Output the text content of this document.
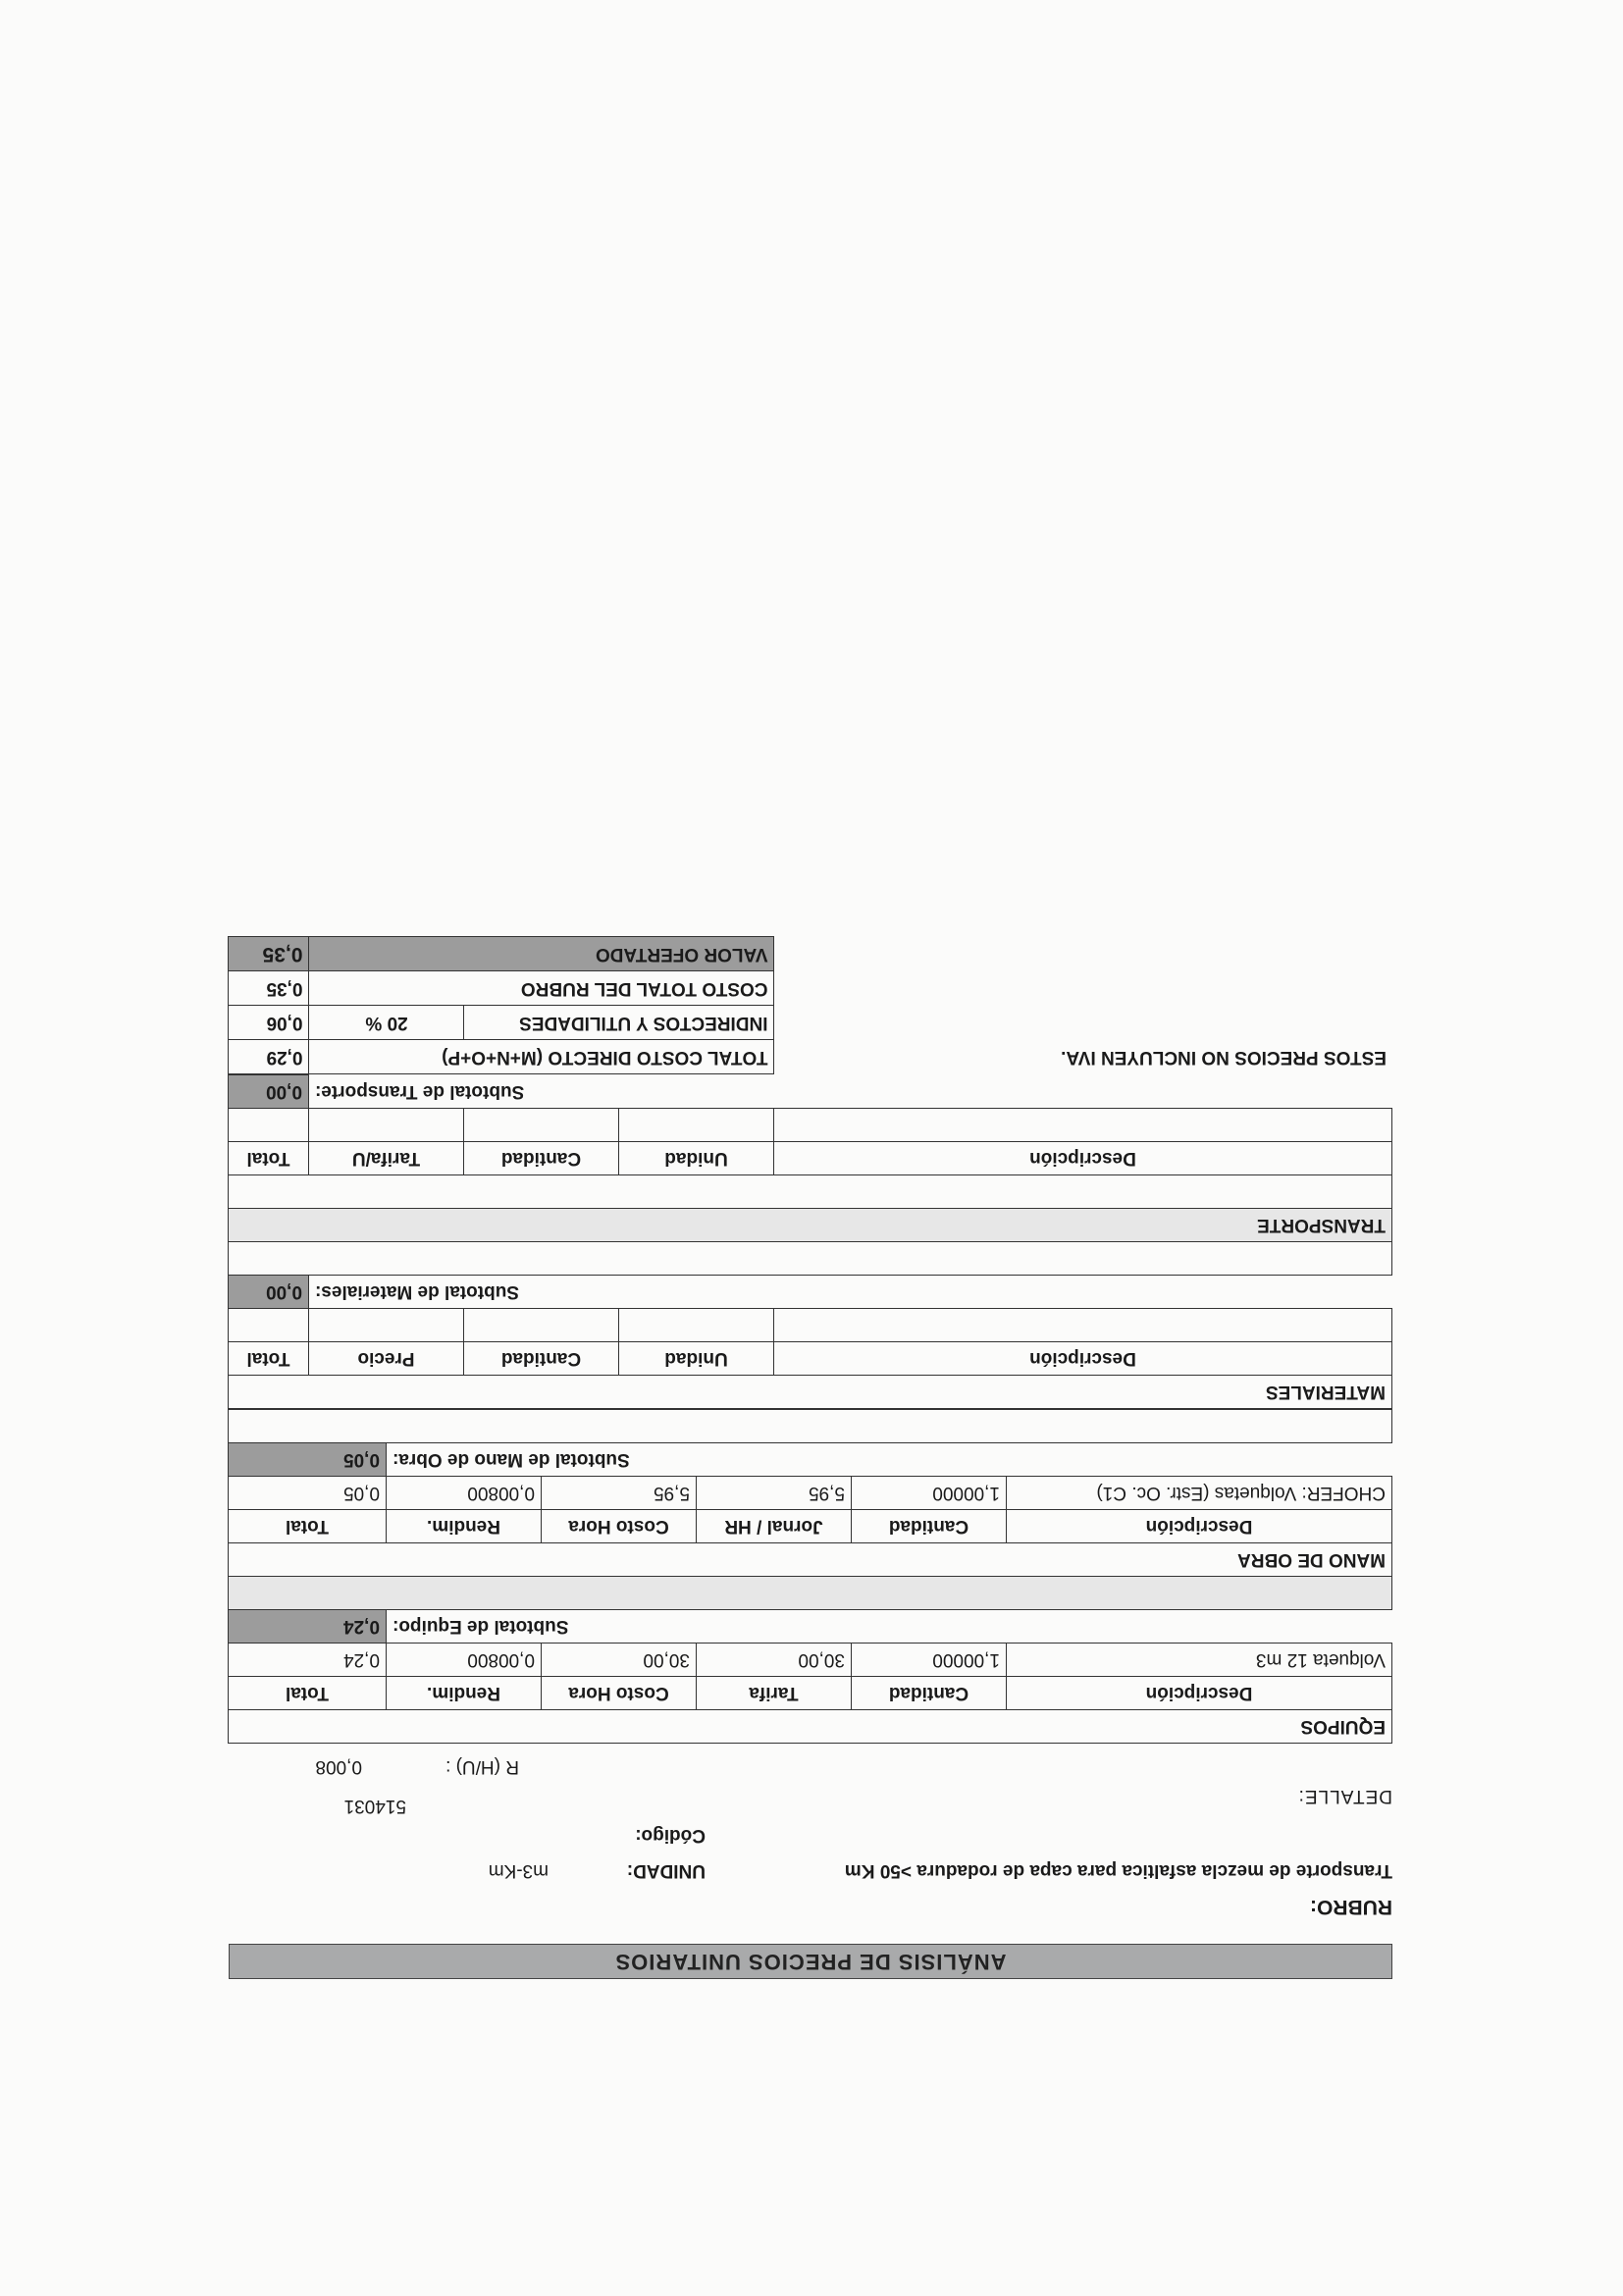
ANÁLISIS DE PRECIOS UNITARIOS
RUBRO:
Transporte de mezcla asfaltica para capa de rodadura >50 Km
UNIDAD:
m3-Km
Código:
DETALLE:
514031
R (H/U) :
0,008
EQUIPOS					
Descripción	Cantidad	Tarifa	Costo Hora	Rendim.	Total
Volqueta 12 m3	1,00000	30,00	30,00	0,00800	0,24
Subtotal de Equipo:					0,24

MANO DE OBRA					
Descripción	Cantidad	Jornal / HR	Costo Hora	Rendim.	Total
CHOFER: Volquetas (Estr. Oc. C1)	1,00000	5,95	5,95	0,00800	0,05
Subtotal de Mano de Obra:					0,05

MATERIALES				
Descripción	Unidad	Cantidad	Precio	Total

Subtotal de Materiales:				0,00

TRANSPORTE				

Descripción	Unidad	Cantidad	Tarifa/U	Total

Subtotal de Transporte:				0,00
ESTOS PRECIOS NO INCLUYEN IVA.	TOTAL COSTO DIRECTO (M+N+O+P)		0,29
	INDIRECTOS Y UTILIDADES	20 %	0,06
	COSTO TOTAL DEL RUBRO		0,35
	VALOR OFERTADO		0,35
